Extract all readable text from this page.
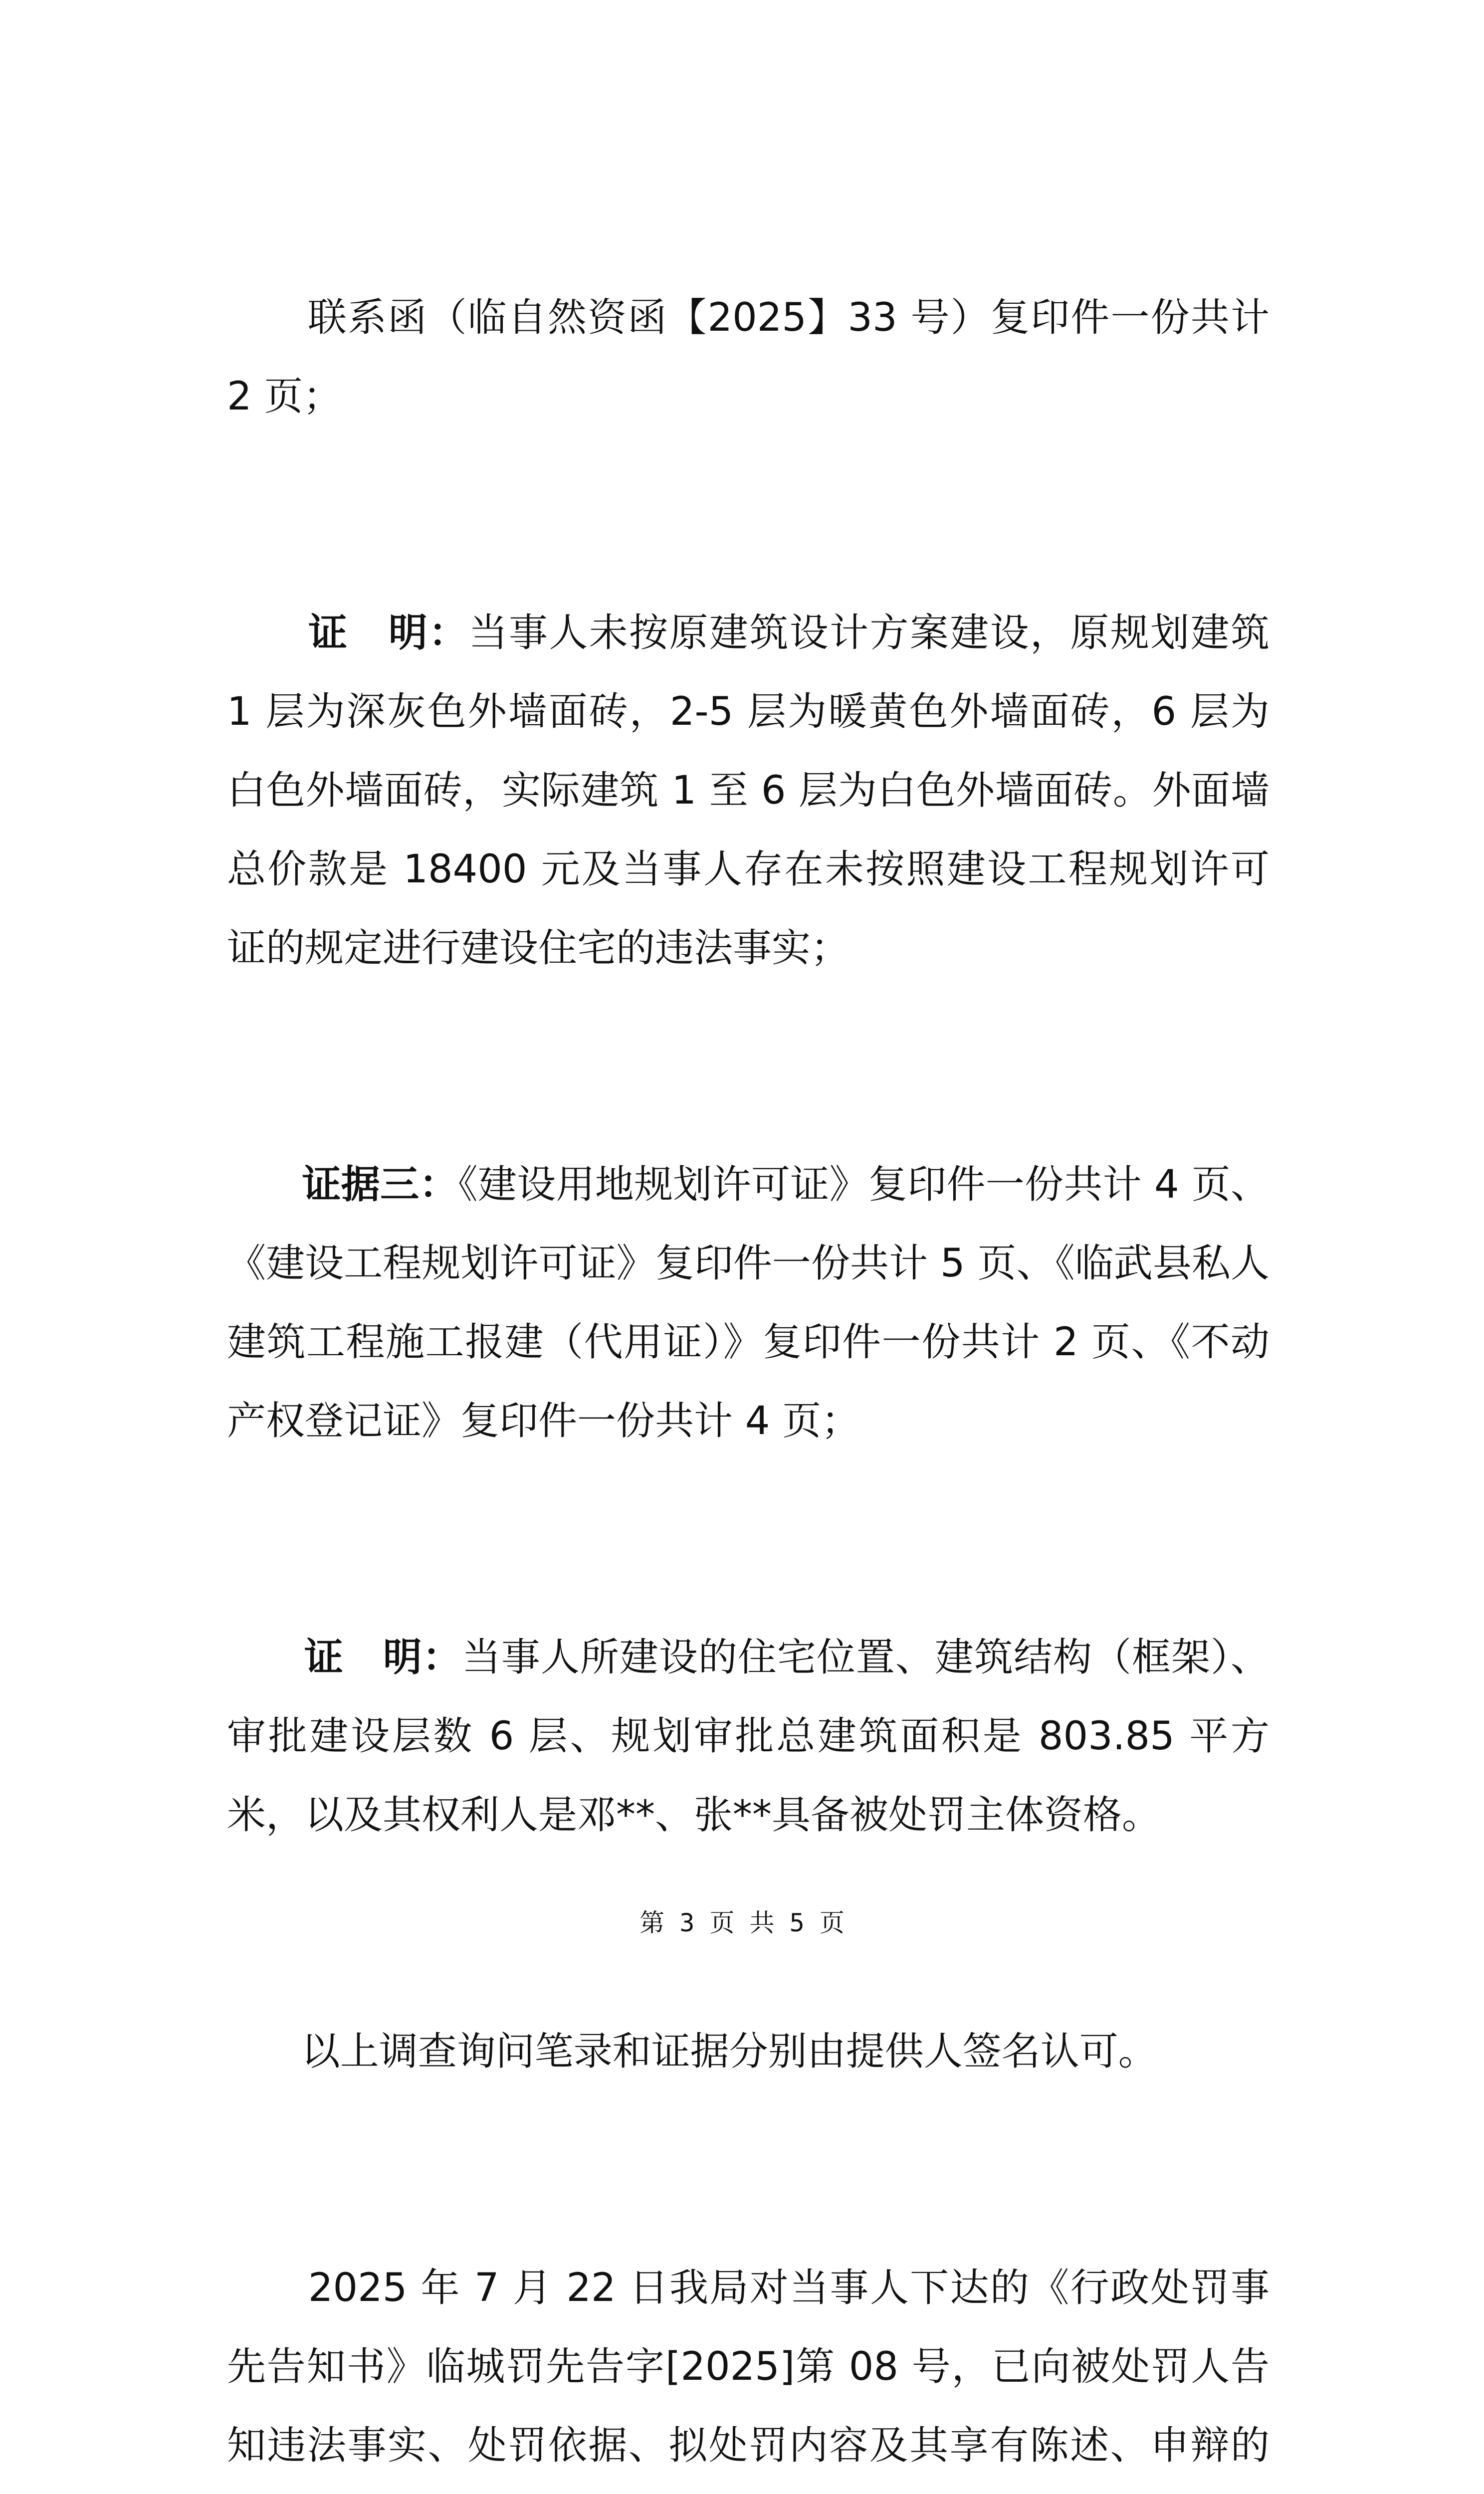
联系函（临自然资函【2025】33 号）复印件一份共计 2 页；

证　明：当事人未按原建筑设计方案建设，原规划建筑 1 层为深灰色外墙面砖，2-5 层为暖黄色外墙面砖，6 层为白色外墙面砖，实际建筑 1 至 6 层为白色外墙面砖。外面墙总价款是 18400 元及当事人存在未按照建设工程规划许可证的规定进行建设住宅的违法事实；

证据三：《建设用地规划许可证》复印件一份共计 4 页、《建设工程规划许可证》复印件一份共计 5 页、《临武县私人建筑工程施工报建（代用证）》复印件一份共计 2 页、《不动产权登记证》复印件一份共计 4 页；

证　明：当事人所建设的住宅位置、建筑结构（框架）、审批建设层数 6 层、规划审批总建筑面积是 803.85 平方米，以及其权利人是邓**、张**具备被处罚主体资格。

以上调查询问笔录和证据分别由提供人签名认可。

2025 年 7 月 22 日我局对当事人下达的《行政处罚事先告知书》临城罚先告字[2025]第 08 号，已向被处罚人告知违法事实、处罚依据、拟处罚内容及其享有陈述、申辩的

第 3 页 共 5 页
